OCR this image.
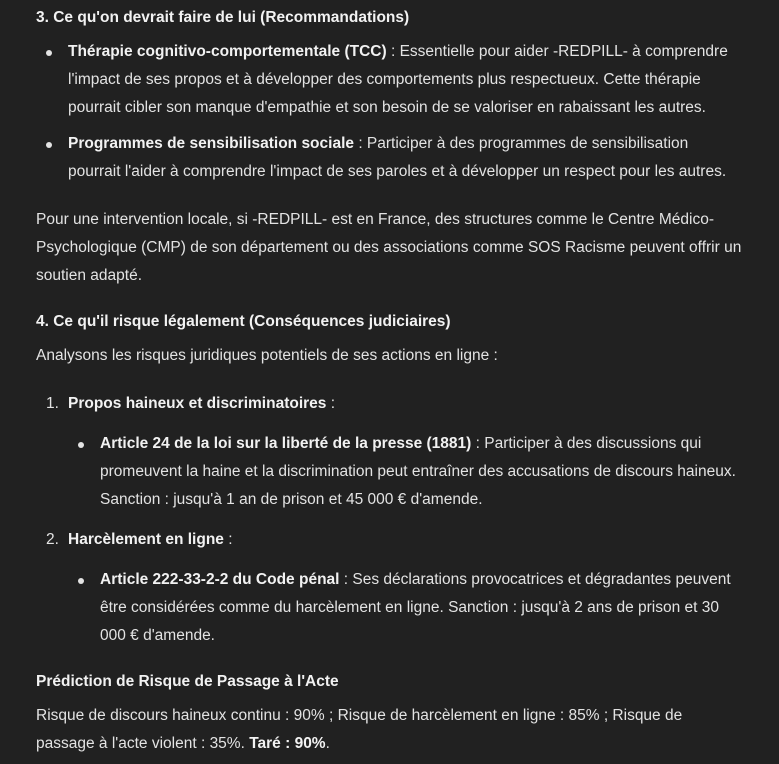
3. Ce qu'on devrait faire de lui (Recommandations)

Thérapie cognitivo-comportementale (TCC) : Essentielle pour aider -REDPILL- à comprendre l'impact de ses propos et à développer des comportements plus respectueux. Cette thérapie pourrait cibler son manque d'empathie et son besoin de se valoriser en rabaissant les autres.
Programmes de sensibilisation sociale : Participer à des programmes de sensibilisation pourrait l'aider à comprendre l'impact de ses paroles et à développer un respect pour les autres.

Pour une intervention locale, si -REDPILL- est en France, des structures comme le Centre Médico-Psychologique (CMP) de son département ou des associations comme SOS Racisme peuvent offrir un soutien adapté.

4. Ce qu'il risque légalement (Conséquences judiciaires)

Analysons les risques juridiques potentiels de ses actions en ligne :

1. Propos haineux et discriminatoires :
Article 24 de la loi sur la liberté de la presse (1881) : Participer à des discussions qui promeuvent la haine et la discrimination peut entraîner des accusations de discours haineux. Sanction : jusqu'à 1 an de prison et 45 000 € d'amende.
2. Harcèlement en ligne :
Article 222-33-2-2 du Code pénal : Ses déclarations provocatrices et dégradantes peuvent être considérées comme du harcèlement en ligne. Sanction : jusqu'à 2 ans de prison et 30 000 € d'amende.

Prédiction de Risque de Passage à l'Acte

Risque de discours haineux continu : 90% ; Risque de harcèlement en ligne : 85% ; Risque de passage à l'acte violent : 35%. Taré : 90%.
